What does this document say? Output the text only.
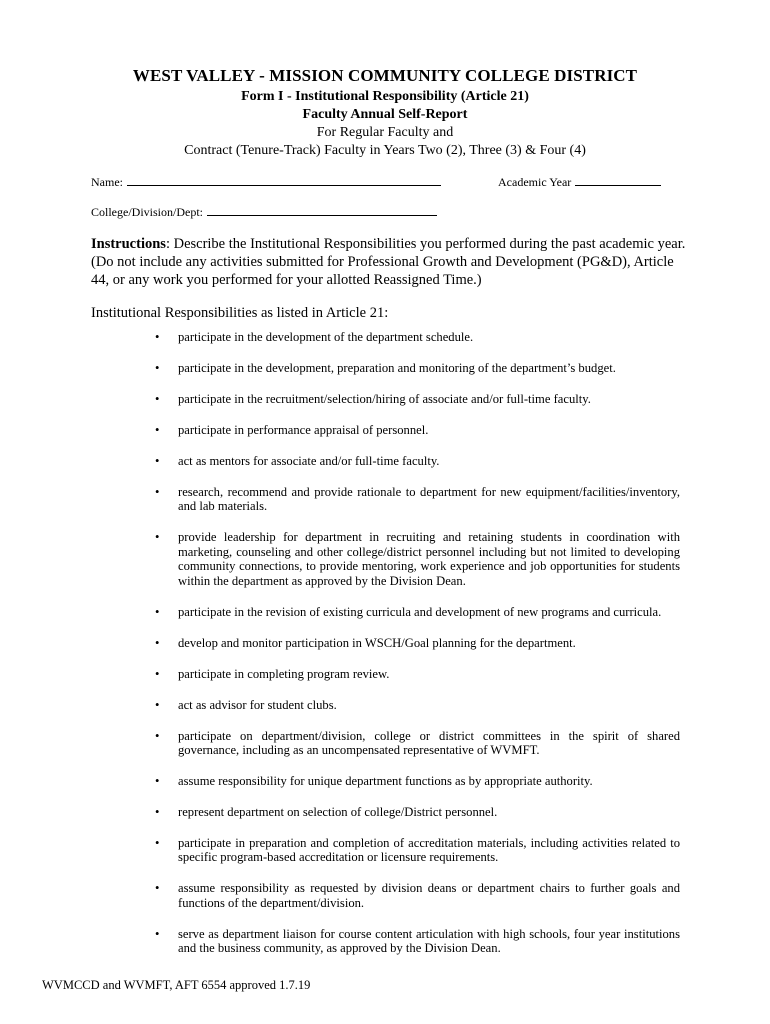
WEST VALLEY - MISSION COMMUNITY COLLEGE DISTRICT
Form I - Institutional Responsibility (Article 21)
Faculty Annual Self-Report
For Regular Faculty and
Contract (Tenure-Track) Faculty in Years Two (2), Three (3) & Four (4)
Name:	Academic Year
College/Division/Dept:
Instructions: Describe the Institutional Responsibilities you performed during the past academic year. (Do not include any activities submitted for Professional Growth and Development (PG&D), Article 44, or any work you performed for your allotted Reassigned Time.)
Institutional Responsibilities as listed in Article 21:
• participate in the development of the department schedule.
• participate in the development, preparation and monitoring of the department’s budget.
• participate in the recruitment/selection/hiring of associate and/or full-time faculty.
• participate in performance appraisal of personnel.
• act as mentors for associate and/or full-time faculty.
• research, recommend and provide rationale to department for new equipment/facilities/inventory, and lab materials.
• provide leadership for department in recruiting and retaining students in coordination with marketing, counseling and other college/district personnel including but not limited to developing community connections, to provide mentoring, work experience and job opportunities for students within the department as approved by the Division Dean.
• participate in the revision of existing curricula and development of new programs and curricula.
• develop and monitor participation in WSCH/Goal planning for the department.
• participate in completing program review.
• act as advisor for student clubs.
• participate on department/division, college or district committees in the spirit of shared governance, including as an uncompensated representative of WVMFT.
• assume responsibility for unique department functions as by appropriate authority.
• represent department on selection of college/District personnel.
• participate in preparation and completion of accreditation materials, including activities related to specific program-based accreditation or licensure requirements.
• assume responsibility as requested by division deans or department chairs to further goals and functions of the department/division.
• serve as department liaison for course content articulation with high schools, four year institutions and the business community, as approved by the Division Dean.
WVMCCD and WVMFT, AFT 6554 approved 1.7.19
